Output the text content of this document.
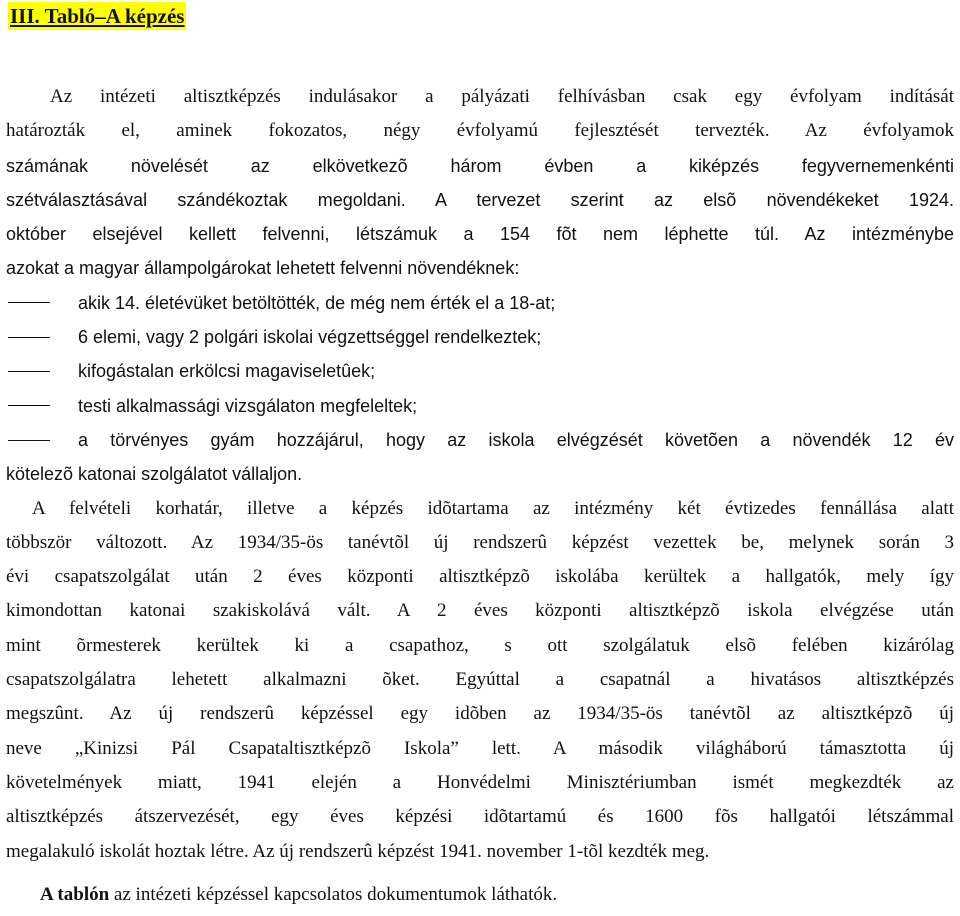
III. Tabló–A képzés
Az intézeti altisztképzés indulásakor a pályázati felhívásban csak egy évfolyam indítását
határozták el, aminek fokozatos, négy évfolyamú fejlesztését tervezték. Az évfolyamok
számának növelését az elkövetkezõ három évben a kiképzés fegyvernemenkénti
szétválasztásával szándékoztak megoldani. A tervezet szerint az elsõ növendékeket 1924.
október elsejével kellett felvenni, létszámuk a 154 fõt nem léphette túl. Az intézménybe
azokat a magyar állampolgárokat lehetett felvenni növendéknek:
akik 14. életévüket betöltötték, de még nem érték el a 18-at;
6 elemi, vagy 2 polgári iskolai végzettséggel rendelkeztek;
kifogástalan erkölcsi magaviseletûek;
testi alkalmassági vizsgálaton megfeleltek;
a törvényes gyám hozzájárul, hogy az iskola elvégzését követõen a növendék 12 év
kötelezõ katonai szolgálatot vállaljon.
A felvételi korhatár, illetve a képzés idõtartama az intézmény két évtizedes fennállása alatt
többször változott. Az 1934/35-ös tanévtõl új rendszerû képzést vezettek be, melynek során 3
évi csapatszolgálat után 2 éves központi altisztképzõ iskolába kerültek a hallgatók, mely így
kimondottan katonai szakiskolává vált. A 2 éves központi altisztképzõ iskola elvégzése után
mint õrmesterek kerültek ki a csapathoz, s ott szolgálatuk elsõ felében kizárólag
csapatszolgálatra lehetett alkalmazni õket. Egyúttal a csapatnál a hivatásos altisztképzés
megszûnt. Az új rendszerû képzéssel egy idõben az 1934/35-ös tanévtõl az altisztképzõ új
neve „Kinizsi Pál Csapataltisztképzõ Iskola” lett. A második világháború támasztotta új
követelmények miatt, 1941 elején a Honvédelmi Minisztériumban ismét megkezdték az
altisztképzés átszervezését, egy éves képzési idõtartamú és 1600 fõs hallgatói létszámmal
megalakuló iskolát hoztak létre. Az új rendszerû képzést 1941. november 1-tõl kezdték meg.
A tablón az intézeti képzéssel kapcsolatos dokumentumok láthatók.
